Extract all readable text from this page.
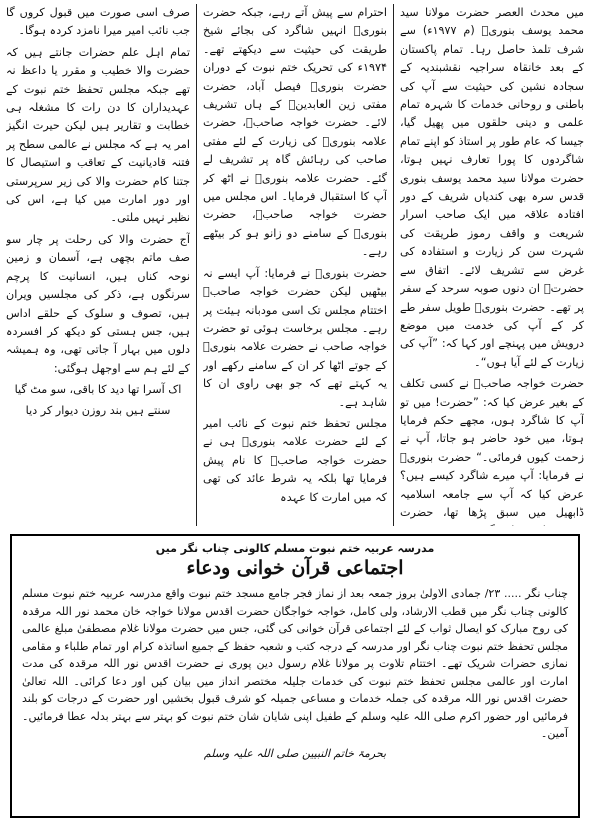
میں محدث العصر حضرت مولانا سید محمد یوسف بنوریؒ (م ۱۹۷۷ء) سے شرف تلمذ حاصل رہا۔ تمام پاکستان کے بعد خانقاہ سراجیہ نقشبندیہ کے سجادہ نشین کی حیثیت سے آپ کی باطنی و روحانی خدمات کا شہرہ تمام علمی و دینی حلقوں میں پھیل گیا، جیسا کہ عام طور پر استاذ کو اپنے تمام شاگردوں کا پورا تعارف نہیں ہوتا، حضرت مولانا سید محمد یوسف بنوری قدس سرہ بھی کندیاں شریف کے دور افتادہ علاقہ میں ایک صاحب اسرار شریعت و واقف رموز طریقت کی شہرت سن کر زیارت و استفادہ کی غرض سے تشریف لائے۔ اتفاق سے حضرتؒ ان دنوں صوبہ سرحد کے سفر پر تھے۔ حضرت بنوریؒ طویل سفر طے کر کے آپ کی خدمت میں موضع درویش میں پہنچے اور کہا کہ: ”آپ کی زیارت کے لئے آیا ہوں“۔

حضرت خواجہ صاحبؒ نے کسی تکلف کے بغیر عرض کیا کہ: ”حضرت! میں تو آپ کا شاگرد ہوں، مجھے حکم فرمایا ہوتا، میں خود حاضر ہو جاتا، آپ نے زحمت کیوں فرمائی۔“ حضرت بنوریؒ نے فرمایا: آپ میرے شاگرد کیسے ہیں؟ عرض کیا کہ آپ سے جامعہ اسلامیہ ڈابھیل میں سبق پڑھا تھا، حضرت

احترام سے پیش آتے رہے، جبکہ حضرت بنوریؒ انہیں شاگرد کی بجائے شیخ طریقت کی حیثیت سے دیکھتے تھے۔ ۱۹۷۴ء کی تحریک ختم نبوت کے دوران حضرت بنوریؒ فیصل آباد، حضرت مفتی زین العابدینؒ کے ہاں تشریف لائے۔ حضرت خواجہ صاحبؒ، حضرت علامہ بنوریؒ کی زیارت کے لئے مفتی صاحب کی رہائش گاہ پر تشریف لے گئے۔ حضرت علامہ بنوریؒ نے اٹھ کر آپ کا استقبال فرمایا۔ اس مجلس میں حضرت خواجہ صاحبؒ، حضرت بنوریؒ کے سامنے دو زانو ہو کر بیٹھے رہے۔

حضرت بنوریؒ نے فرمایا: آپ ایسے نہ بیٹھیں لیکن حضرت خواجہ صاحبؒ اختتام مجلس تک اسی مودبانہ ہیئت پر رہے۔ مجلس برخاست ہوئی تو حضرت خواجہ صاحب نے حضرت علامہ بنوریؒ کے جوتے اٹھا کر ان کے سامنے رکھے اور یہ کہتے تھے کہ جو بھی راوی ان کا شاہد ہے۔

مجلس تحفظ ختم نبوت کے نائب امیر کے لئے حضرت علامہ بنوریؒ ہی نے حضرت خواجہ صاحبؒ کا نام پیش فرمایا تھا بلکہ یہ شرط عائد کی تھی کہ میں امارت کا عہدہ

صرف اسی صورت میں قبول کروں گا جب نائب امیر میرا نامزد کردہ ہوگا۔

تمام اہل علم حضرات جانتے ہیں کہ حضرت والا خطیب و مقرر یا داعظ نہ تھے جبکہ مجلس تحفظ ختم نبوت کے عہدیداران کا دن رات کا مشغلہ ہی خطابت و تقاریر ہیں لیکن حیرت انگیز امر یہ ہے کہ مجلس نے عالمی سطح پر فتنہ قادیانیت کے تعاقب و استیصال کا جتنا کام حضرت والا کی زیر سرپرستی اور دور امارت میں کیا ہے، اس کی نظیر نہیں ملتی۔

آج حضرت والا کی رحلت پر چار سو صف ماتم بچھی ہے، آسمان و زمین نوحہ کناں ہیں، انسانیت کا پرچم سرنگوں ہے، ذکر کی مجلسیں ویران ہیں، تصوف و سلوک کے حلقے اداس ہیں، جس ہستی کو دیکھ کر افسردہ دلوں میں بہار آ جاتی تھی، وہ ہمیشہ کے لئے ہم سے اوجھل ہوگئی:

اک آسرا تھا دید کا باقی، سو مٹ گیا

سنتے ہیں بند روزن دیوار کر دیا

مدرسہ عربیہ ختم نبوت مسلم کالونی چناب نگر میں
اجتماعی قرآن خوانی ودعاء
چناب نگر ..... ۲۳/ جمادی الاولیٰ بروز جمعہ بعد از نماز فجر جامع مسجد ختم نبوت واقع مدرسہ عربیہ ختم نبوت مسلم کالونی چناب نگر میں قطب الارشاد، ولی کامل، خواجہ خواجگان حضرت اقدس مولانا خواجہ خان محمد نور اللہ مرقدہ کی روح مبارک کو ایصال ثواب کے لئے اجتماعی قرآن خوانی کی گئی، جس میں حضرت مولانا غلام مصطفیٰ مبلغ عالمی مجلس تحفظ ختم نبوت چناب نگر اور مدرسہ کے درجہ کتب و شعبہ حفظ کے جمیع اساتذہ کرام اور تمام طلباء و مقامی نمازی حضرات شریک تھے۔ اختتام تلاوت پر مولانا غلام رسول دین پوری نے حضرت اقدس نور اللہ مرقدہ کی مدت امارت اور عالمی مجلس تحفظ ختم نبوت کی خدمات جلیلہ مختصر انداز میں بیان کیں اور دعا کرائی۔ اللہ تعالیٰ حضرت اقدس نور اللہ مرقدہ کی جملہ خدمات و مساعی جمیلہ کو شرف قبول بخشیں اور حضرت کے درجات کو بلند فرمائیں اور حضور اکرم صلی اللہ علیہ وسلم کے طفیل اپنی شایان شان ختم نبوت کو بہتر سے بہتر بدلہ عطا فرمائیں۔ آمین۔
بحرمۃ خاتم النبیین صلی اللہ علیہ وسلم
